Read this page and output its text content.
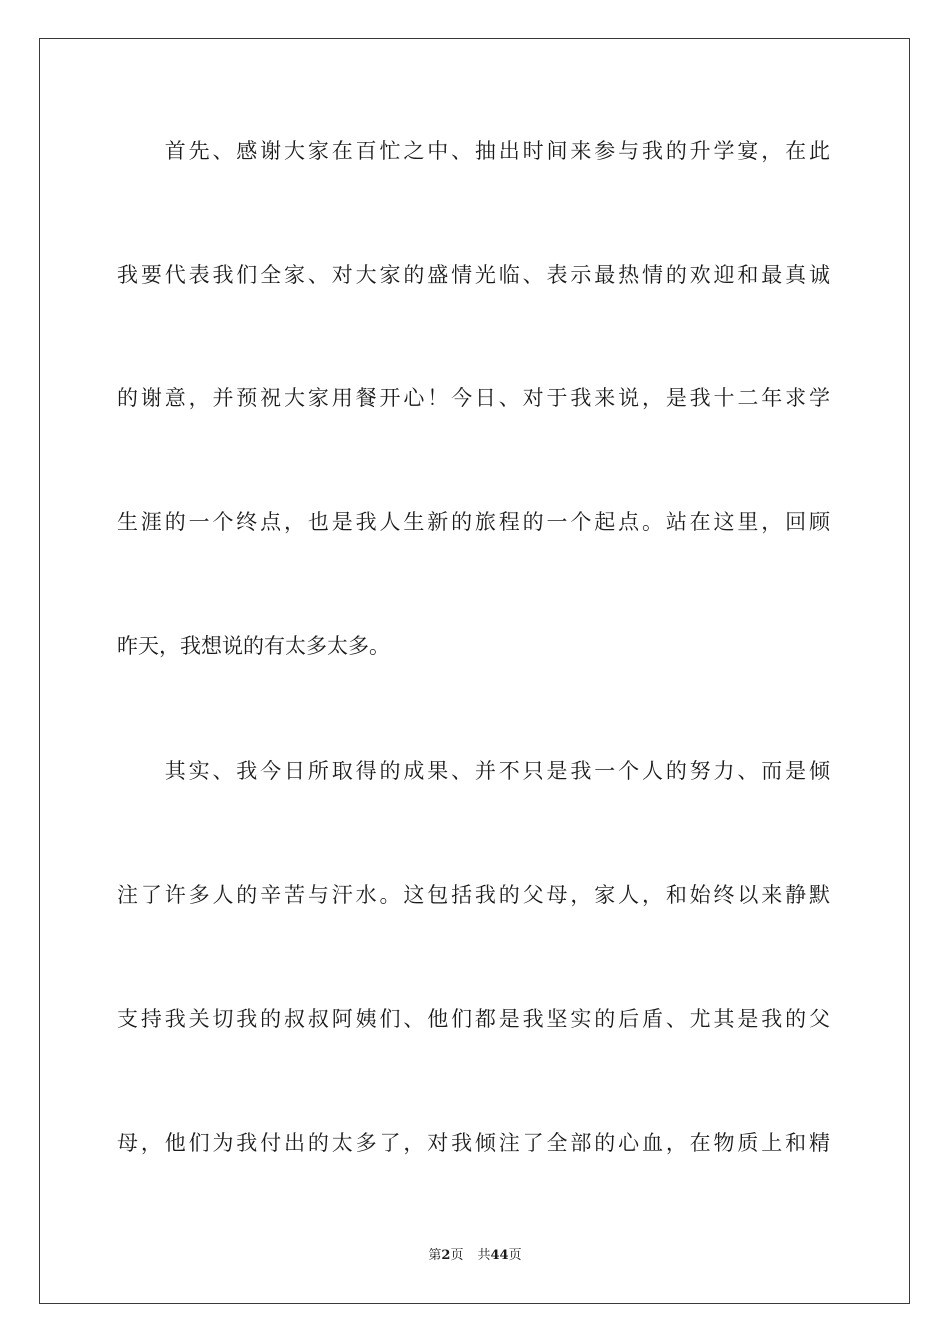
　　首先、感谢大家在百忙之中、抽出时间来参与我的升学宴，在此
我要代表我们全家、对大家的盛情光临、表示最热情的欢迎和最真诚
的谢意，并预祝大家用餐开心！今日、对于我来说，是我十二年求学
生涯的一个终点，也是我人生新的旅程的一个起点。站在这里，回顾
昨天，我想说的有太多太多。
　　其实、我今日所取得的成果、并不只是我一个人的努力、而是倾
注了许多人的辛苦与汗水。这包括我的父母，家人，和始终以来静默
支持我关切我的叔叔阿姨们、他们都是我坚实的后盾、尤其是我的父
母，他们为我付出的太多了，对我倾注了全部的心血，在物质上和精
第2页 共44页
